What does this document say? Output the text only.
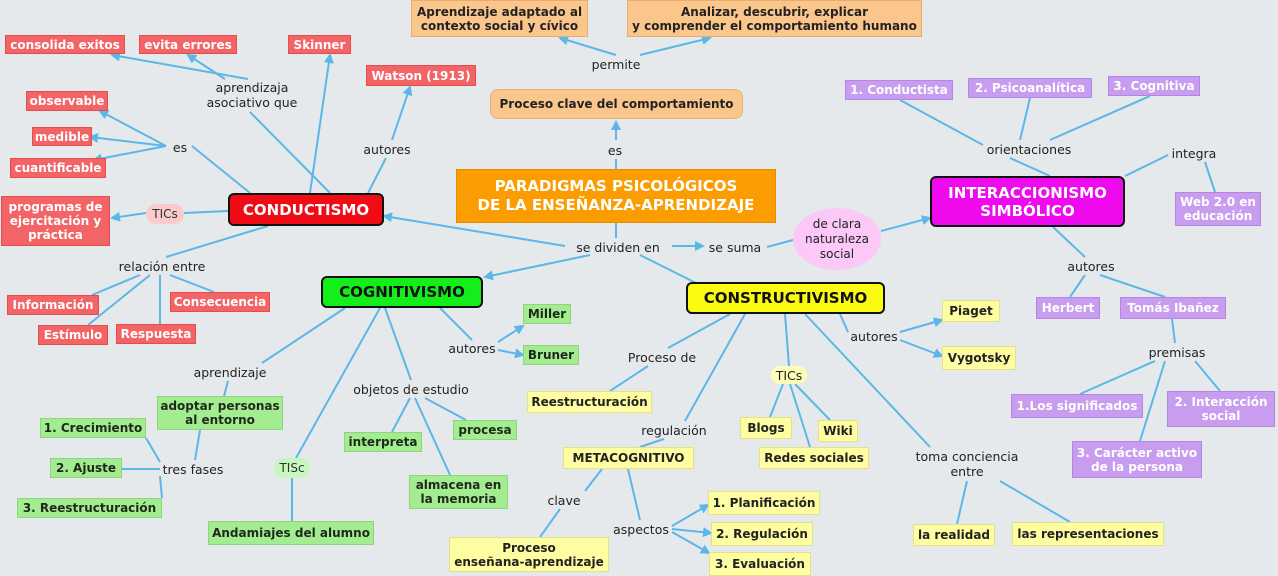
Aprendizaje adaptado al
contexto social y cívico
Analizar, descubrir, explicar
y comprender el comportamiento humano
permite
Proceso clave del comportamiento
es
PARADIGMAS PSICOLÓGICOS
DE LA ENSEÑANZA-APRENDIZAJE
se dividen en	se suma
de clara
naturaleza
social
CONDUCTISMO
COGNITIVISMO	CONSTRUCTIVISMO
INTERACCIONISMO
SIMBÓLICO
consolida exitos	evita errores	Skinner
Watson (1913)
aprendizaja
asociativo que
autores
observable
medible
cuantificable
es
programas de
ejercitación y
práctica
TICs
relación entre
Información
Estímulo	Respuesta
Consecuencia
autores
Miller
Bruner
aprendizaje
adoptar personas
al entorno
objetos de estudio
interpreta
procesa
almacena en
la memoria
tres fases
1. Crecimiento
2. Ajuste
3. Reestructuración
TISc
Andamiajes del alumno
Proceso de
Reestructuración
regulación
METACOGNITIVO
clave
Proceso
enseñana-aprendizaje
aspectos
1. Planificación
2. Regulación
3. Evaluación
TICs
Blogs	Wiki
Redes sociales
autores
Piaget
Vygotsky
toma conciencia
entre
la realidad	las representaciones
1. Conductista	2. Psicoanalítica	3. Cognitiva
orientaciones	integra
Web 2.0 en
educación
autores
Herbert	Tomás Ibañez
premisas
1.Los significados	2. Interacción
social
3. Carácter activo
de la persona
